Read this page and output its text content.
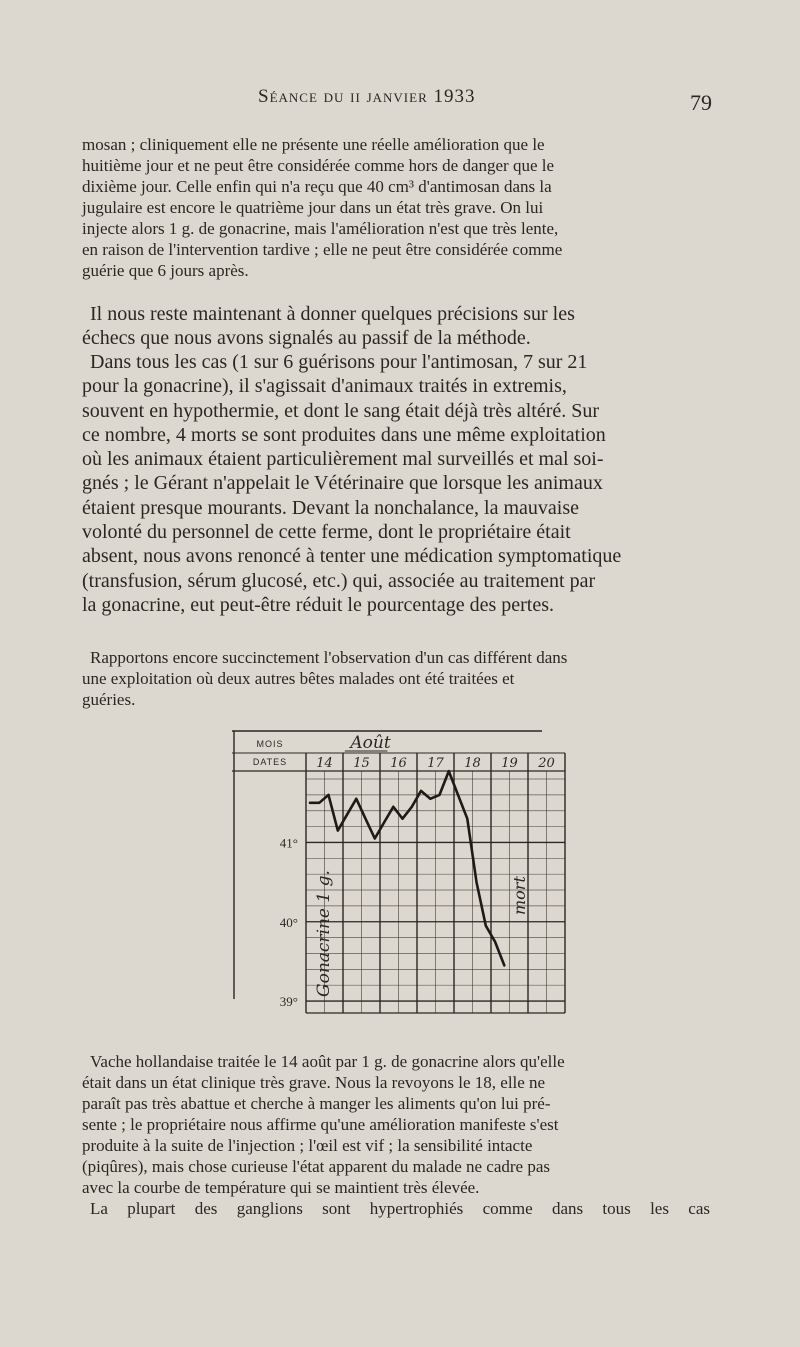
Séance du ii janvier 1933	79

mosan ; cliniquement elle ne présente une réelle amélioration que le
huitième jour et ne peut être considérée comme hors de danger que le
dixième jour. Celle enfin qui n'a reçu que 40 cm³ d'antimosan dans la
jugulaire est encore le quatrième jour dans un état très grave. On lui
injecte alors 1 g. de gonacrine, mais l'amélioration n'est que très lente,
en raison de l'intervention tardive ; elle ne peut être considérée comme
guérie que 6 jours après.

Il nous reste maintenant à donner quelques précisions sur les
échecs que nous avons signalés au passif de la méthode.

Dans tous les cas (1 sur 6 guérisons pour l'antimosan, 7 sur 21
pour la gonacrine), il s'agissait d'animaux traités in extremis,
souvent en hypothermie, et dont le sang était déjà très altéré. Sur
ce nombre, 4 morts se sont produites dans une même exploitation
où les animaux étaient particulièrement mal surveillés et mal soi-
gnés ; le Gérant n'appelait le Vétérinaire que lorsque les animaux
étaient presque mourants. Devant la nonchalance, la mauvaise
volonté du personnel de cette ferme, dont le propriétaire était
absent, nous avons renoncé à tenter une médication symptomatique
(transfusion, sérum glucosé, etc.) qui, associée au traitement par
la gonacrine, eut peut-être réduit le pourcentage des pertes.

Rapportons encore succinctement l'observation d'un cas différent dans
une exploitation où deux autres bêtes malades ont été traitées et
guéries.

MOIS
DATES
Août
14 15 16 17 18 19 20
41°
40°
39°
Gonacrine 1 g.	mort

Vache hollandaise traitée le 14 août par 1 g. de gonacrine alors qu'elle
était dans un état clinique très grave. Nous la revoyons le 18, elle ne
paraît pas très abattue et cherche à manger les aliments qu'on lui pré-
sente ; le propriétaire nous affirme qu'une amélioration manifeste s'est
produite à la suite de l'injection ; l'œil est vif ; la sensibilité intacte
(piqûres), mais chose curieuse l'état apparent du malade ne cadre pas
avec la courbe de température qui se maintient très élevée.

La plupart des ganglions sont hypertrophiés comme dans tous les cas
